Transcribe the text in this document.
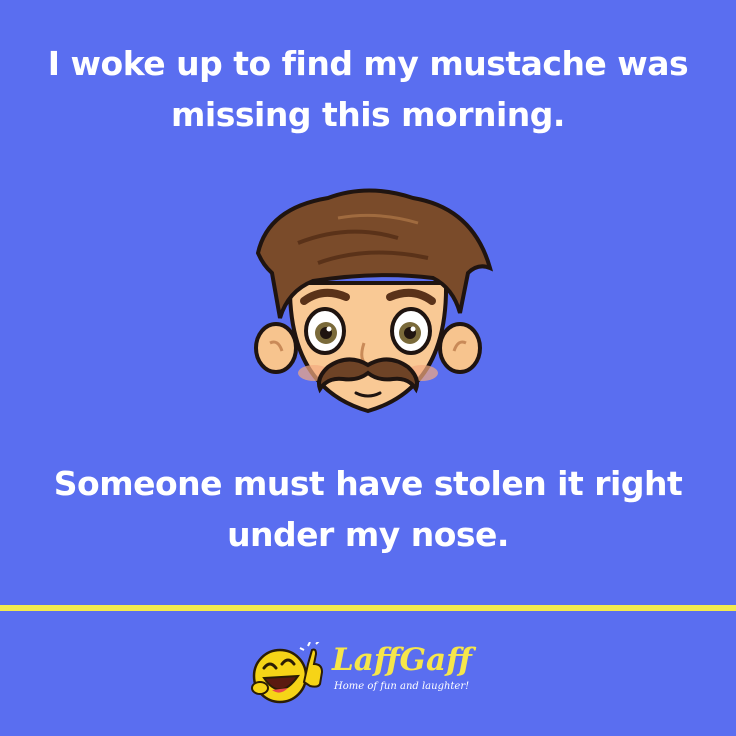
I woke up to find my mustache was missing this morning.
Someone must have stolen it right under my nose.
LaffGaff
Home of fun and laughter!
